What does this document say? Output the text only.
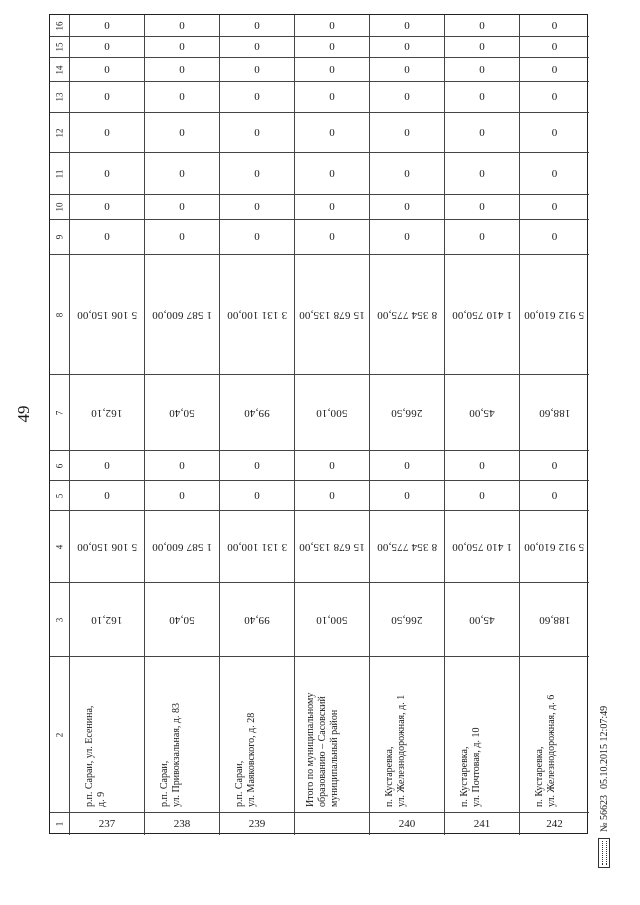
49
1
2
3
4
5
6
7
8
9
10
11
12
13
14
15
16
237
р.п. Сараи, ул. Есенина, д. 9
162,10
5 106 150,00
0
0
162,10
5 106 150,00
0
0
0
0
0
0
0
0
238
р.п. Сараи, ул. Привокзальная, д. 83
50,40
1 587 600,00
0
0
50,40
1 587 600,00
0
0
0
0
0
0
0
0
239
р.п. Сараи, ул. Маяковского, д. 28
99,40
3 131 100,00
0
0
99,40
3 131 100,00
0
0
0
0
0
0
0
0
Итого по муниципальному образованию – Сасовский муниципальный район
500,10
15 678 135,00
0
0
500,10
15 678 135,00
0
0
0
0
0
0
0
0
240
п. Кустаревка, ул. Железнодорожная, д. 1
266,50
8 354 775,00
0
0
266,50
8 354 775,00
0
0
0
0
0
0
0
0
241
п. Кустаревка, ул. Почтовая, д. 10
45,00
1 410 750,00
0
0
45,00
1 410 750,00
0
0
0
0
0
0
0
0
242
п. Кустаревка, ул. Железнодорожная, д. 6
188,60
5 912 610,00
0
0
188,60
5 912 610,00
0
0
0
0
0
0
0
0
№ 56623
05.10.2015 12:07:49
